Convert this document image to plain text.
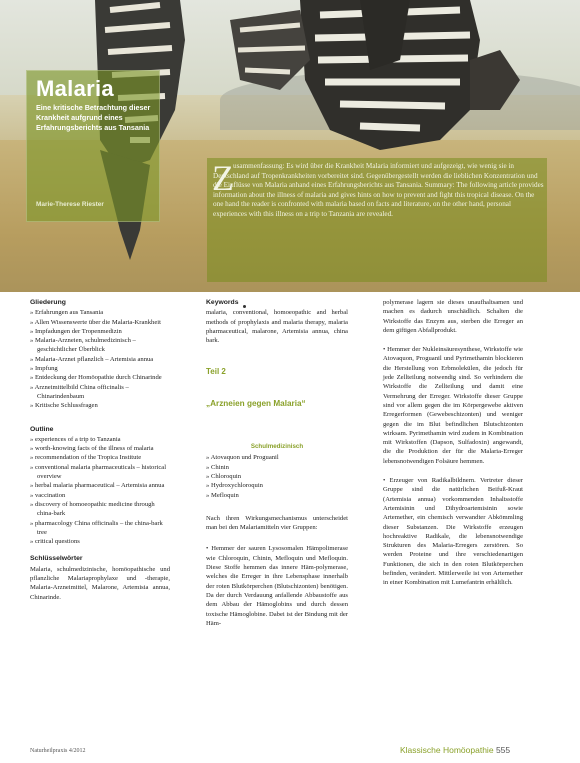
Malaria
Eine kritische Betrachtung dieser Krankheit aufgrund eines Erfahrungsberichts aus Tansania
Marie-Therese Riester
Z usammenfassung: Es wird über die Krankheit Malaria informiert und aufgezeigt, wie wenig sie in Deutschland auf Tropenkrankheiten vorbereitet sind. Gegenübergestellt werden die lieblichen Konzentration und die Einflüsse von Malaria anhand eines Erfahrungsberichts aus Tansania. Summary: The following article provides information about the illness of malaria and gives hints on how to prevent and fight this tropical disease. On the one hand the reader is confronted with malaria based on facts and literature, on the other hand, personal experiences with this illness on a trip to Tanzania are revealed.
Gliederung
» Erfahrungen aus Tansania
» Allen Wissenswerte über die Malaria-Krankheit
» Impfadungen der Tropenmedizin
» Malaria-Arzneien, schulmedizinisch – geschichtlicher Überblick
» Malaria-Arznei pflanzlich – Artemisia annua
» Impfung
» Entdeckung der Homöopathie durch Chinarinde
» Arzneimittelbild China officinalis – Chinarindenbaum
» Kritische Schlussfragen
Outline
» experiences of a trip to Tanzania
» worth-knowing facts of the illness of malaria
» recommendation of the Tropica Institute
» conventional malaria pharmaceuticals – historical overview
» herbal malaria pharmaceutical – Artemisia annua
» vaccination
» discovery of homoeopathic medicine through china-bark
» pharmacology China officinalis – the china-bark tree
» critical questions
Schlüsselwörter

Malaria, schulmedizinische, homöopathische und pflanzliche Malariaprophylaxe und -therapie, Malaria-Arzneimittel, Malarone, Artemisia annua, Chinarinde.

Keywords

malaria, conventional, homoeopathic and herbal methods of prophylaxis and malaria therapy, malaria pharmaceutical, malarone, Artemisia annua, china bark.

Teil 2
„Arzneien gegen Malaria“
Schulmedizinisch
» Atovaquon und Proguanil
» Chinin
» Chloroquin
» Hydroxychloroquin
» Mefloquin

Nach ihren Wirkungsmechanismus unterscheidet man bei den Malariamitteln vier Gruppen:

• Hemmer der sauren Lysosomalen Hämpolimerase wie Chloroquin, Chinin, Mefloquin und Mefloquin. Diese Stoffe hemmen das innere Häm-polymerase, welches die Erreger in ihre Lebensphase innerhalb der roten Blutkörperchen (Blutschizonten) benötigen. Da der durch Verdauung anfallende Abbaustoffe aus dem Abbau der Hämoglobins und durch dessen toxische Hämoglobine. Dabei ist der Bindung mit der Häm-

polymerase lagern sie dieses unaufhaltsamen und machen es dadurch unschädlich. Schalten die Wirkstoffe das Enzym aus, sterben die Erreger an dem giftigen Abfallprodukt.

• Hemmer der Nukleinsäuresynthese, Wirkstoffe wie Atovaquon, Proguanil und Pyrimethamin blockieren die Herstellung von Erbmolekülen, die jedoch für jede Zellteilung notwendig sind. So verhindern die Wirkstoffe die Zellteilung und damit eine Vermehrung der Erreger. Wirkstoffe dieser Gruppe sind vor allem gegen die im Körpergewebe aktiven Erregerformen (Gewebeschizonten) und weniger gegen die im Blut befindlichen Blutschizonten wirksam. Pyrimethamin wird zudem in Kombination mit Wirkstoffen (Dapson, Sulfadoxin) angewandt, die die Produktion der für die Malaria-Erreger lebensnotwendigen Folsäure hemmen.

• Erzeuger von Radikalbildnern. Vertreter dieser Gruppe sind die natürlichen Beifuß-Kraut (Artemisia annua) vorkommenden Inhaltsstoffe Artemisinin und Dihydroartemisinin sowie Artemether, ein chemisch verwandter Abkömmling dieser Substanzen. Die Wirkstoffe erzeugen hochreaktive Radikale, die lebensnotwendige Strukturen des Malaria-Erregers zerstören. So werden Proteine und ihre verschiedenartigen Funktionen, die sich in den roten Blutkörperchen befinden, verändert. Mittlerweile ist von Artemether in einer Kombination mit Lumefantrin erhältlich.

Naturheilpraxis 4/2012	Klassische Homöopathie 555
